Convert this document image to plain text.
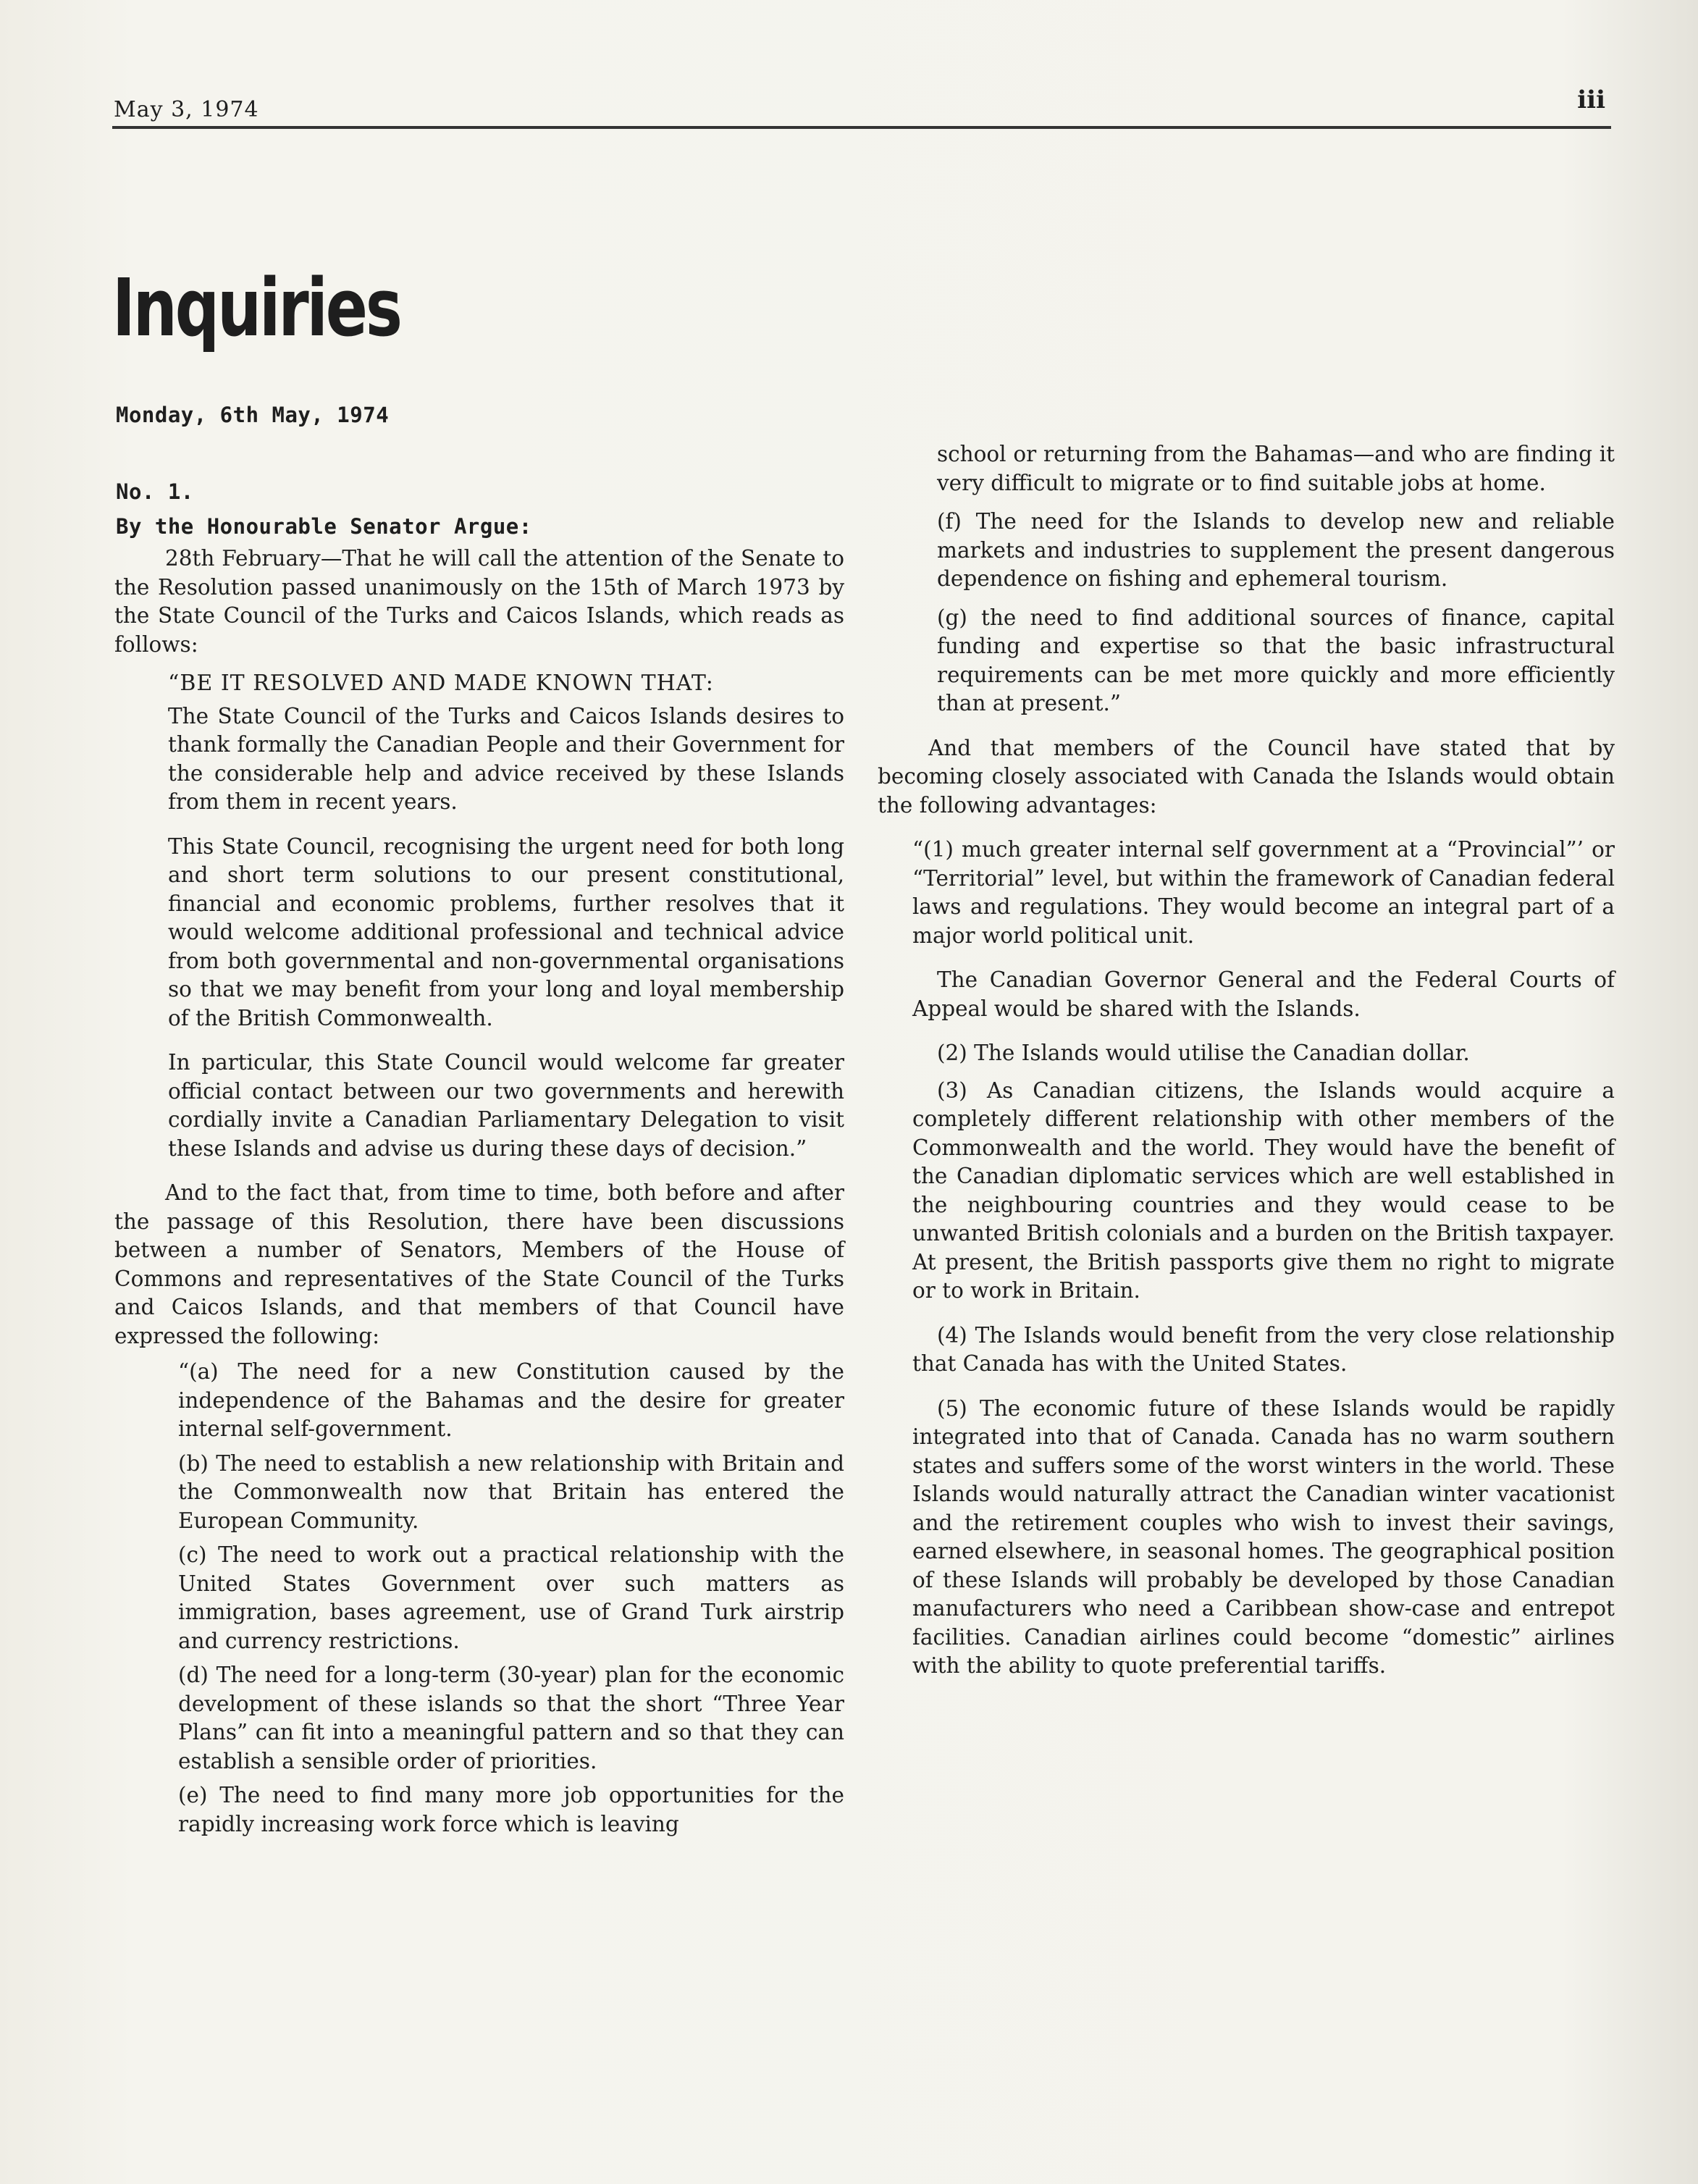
May 3, 1974	iii
Inquiries
Monday, 6th May, 1974
No. 1.
By the Honourable Senator Argue:

28th February—That he will call the attention of the Senate to the Resolution passed unanimously on the 15th of March 1973 by the State Council of the Turks and Caicos Islands, which reads as follows:

“BE IT RESOLVED AND MADE KNOWN THAT:

The State Council of the Turks and Caicos Islands desires to thank formally the Canadian People and their Government for the considerable help and advice received by these Islands from them in recent years.

This State Council, recognising the urgent need for both long and short term solutions to our present constitutional, financial and economic problems, further resolves that it would welcome additional professional and technical advice from both governmental and non-governmental organisations so that we may benefit from your long and loyal membership of the British Commonwealth.

In particular, this State Council would welcome far greater official contact between our two governments and herewith cordially invite a Canadian Parliamentary Delegation to visit these Islands and advise us during these days of decision.”

And to the fact that, from time to time, both before and after the passage of this Resolution, there have been discussions between a number of Senators, Members of the House of Commons and representatives of the State Council of the Turks and Caicos Islands, and that members of that Council have expressed the following:

“(a) The need for a new Constitution caused by the independence of the Bahamas and the desire for greater internal self-government.

(b) The need to establish a new relationship with Britain and the Commonwealth now that Britain has entered the European Community.

(c) The need to work out a practical relationship with the United States Government over such matters as immigration, bases agreement, use of Grand Turk airstrip and currency restrictions.

(d) The need for a long-term (30-year) plan for the economic development of these islands so that the short “Three Year Plans” can fit into a meaningful pattern and so that they can establish a sensible order of priorities.

(e) The need to find many more job opportunities for the rapidly increasing work force which is leaving

school or returning from the Bahamas—and who are finding it very difficult to migrate or to find suitable jobs at home.

(f) The need for the Islands to develop new and reliable markets and industries to supplement the present dangerous dependence on fishing and ephemeral tourism.

(g) the need to find additional sources of finance, capital funding and expertise so that the basic infrastructural requirements can be met more quickly and more efficiently than at present.”

And that members of the Council have stated that by becoming closely associated with Canada the Islands would obtain the following advantages:

“(1) much greater internal self government at a “Provincial”’ or “Territorial” level, but within the framework of Canadian federal laws and regulations. They would become an integral part of a major world political unit.

The Canadian Governor General and the Federal Courts of Appeal would be shared with the Islands.

(2) The Islands would utilise the Canadian dollar.

(3) As Canadian citizens, the Islands would acquire a completely different relationship with other members of the Commonwealth and the world. They would have the benefit of the Canadian diplomatic services which are well established in the neighbouring countries and they would cease to be unwanted British colonials and a burden on the British taxpayer. At present, the British passports give them no right to migrate or to work in Britain.

(4) The Islands would benefit from the very close relationship that Canada has with the United States.

(5) The economic future of these Islands would be rapidly integrated into that of Canada. Canada has no warm southern states and suffers some of the worst winters in the world. These Islands would naturally attract the Canadian winter vacationist and the retirement couples who wish to invest their savings, earned elsewhere, in seasonal homes. The geographical position of these Islands will probably be developed by those Canadian manufacturers who need a Caribbean show-case and entrepot facilities. Canadian airlines could become “domestic” airlines with the ability to quote preferential tariffs.
